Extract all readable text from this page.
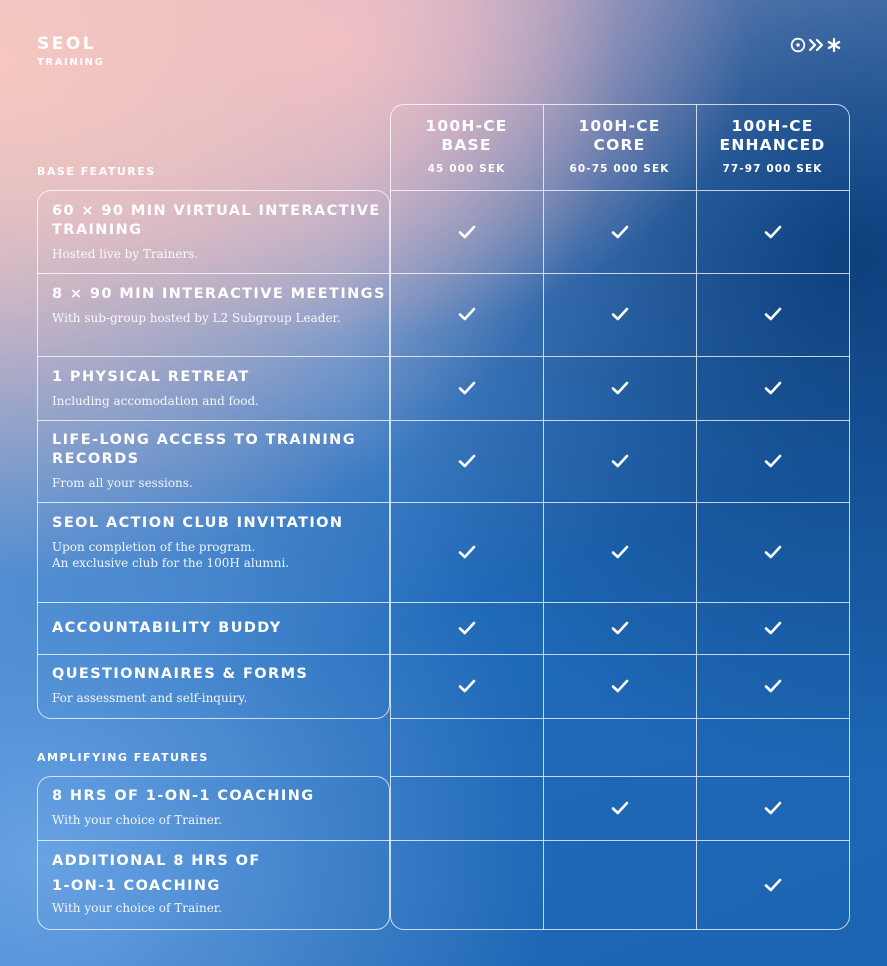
SEOL
TRAINING
BASE FEATURES
AMPLIFYING FEATURES
100H-CE
BASE
45 000 SEK
100H-CE
CORE
60-75 000 SEK
100H-CE
ENHANCED
77-97 000 SEK
60 × 90 MIN VIRTUAL INTERACTIVE TRAINING
Hosted live by Trainers.
8 × 90 MIN INTERACTIVE MEETINGS
With sub-group hosted by L2 Subgroup Leader.
1 PHYSICAL RETREAT
Including accomodation and food.
LIFE-LONG ACCESS TO TRAINING RECORDS
From all your sessions.
SEOL ACTION CLUB INVITATION
Upon completion of the program.
An exclusive club for the 100H alumni.
ACCOUNTABILITY BUDDY
QUESTIONNAIRES & FORMS
For assessment and self-inquiry.
8 HRS OF 1-ON-1 COACHING
With your choice of Trainer.
ADDITIONAL 8 HRS OF
1-ON-1 COACHING
With your choice of Trainer.
